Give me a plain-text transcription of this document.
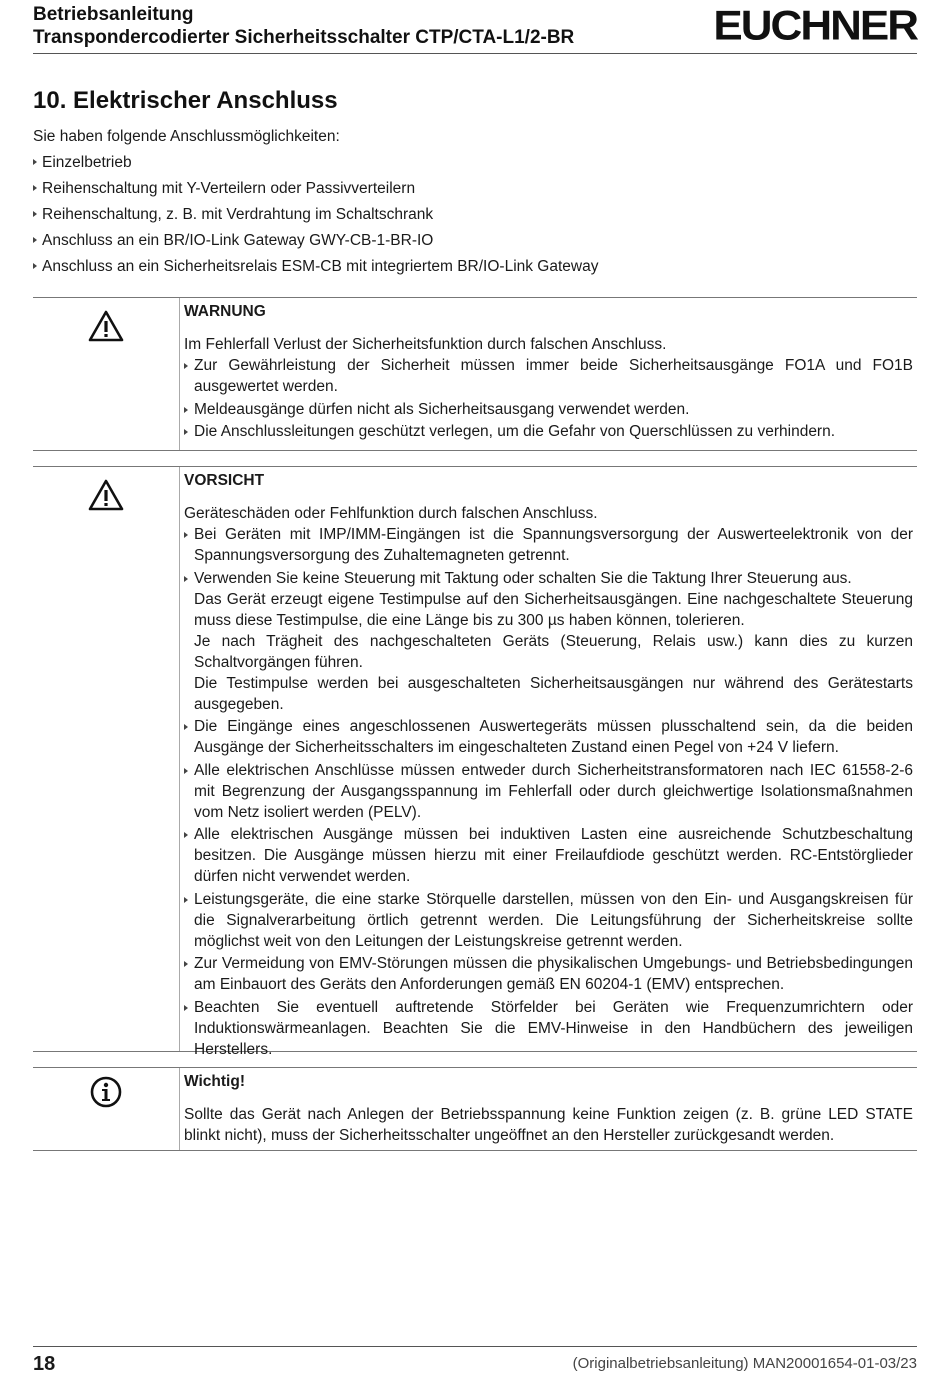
Betriebsanleitung
Transpondercodierter Sicherheitsschalter CTP/CTA-L1/2-BR	EUCHNER
10. Elektrischer Anschluss
Sie haben folgende Anschlussmöglichkeiten:
Einzelbetrieb
Reihenschaltung mit Y-Verteilern oder Passivverteilern
Reihenschaltung, z. B. mit Verdrahtung im Schaltschrank
Anschluss an ein BR/IO-Link Gateway GWY-CB-1-BR-IO
Anschluss an ein Sicherheitsrelais ESM-CB mit integriertem BR/IO-Link Gateway
WARNUNG

Im Fehlerfall Verlust der Sicherheitsfunktion durch falschen Anschluss.

Zur Gewährleistung der Sicherheit müssen immer beide Sicherheitsausgänge FO1A und FO1B ausgewertet werden.
Meldeausgänge dürfen nicht als Sicherheitsausgang verwendet werden.
Die Anschlussleitungen geschützt verlegen, um die Gefahr von Querschlüssen zu verhindern.
VORSICHT

Geräteschäden oder Fehlfunktion durch falschen Anschluss.

Bei Geräten mit IMP/IMM-Eingängen ist die Spannungsversorgung der Auswerteelektronik von der Spannungsversorgung des Zuhaltemagneten getrennt.
Verwenden Sie keine Steuerung mit Taktung oder schalten Sie die Taktung Ihrer Steuerung aus.
Das Gerät erzeugt eigene Testimpulse auf den Sicherheitsausgängen. Eine nachgeschaltete Steuerung muss diese Testimpulse, die eine Länge bis zu 300 µs haben können, tolerieren.
Je nach Trägheit des nachgeschalteten Geräts (Steuerung, Relais usw.) kann dies zu kurzen Schaltvorgängen führen.
Die Testimpulse werden bei ausgeschalteten Sicherheitsausgängen nur während des Gerätestarts ausgegeben.
Die Eingänge eines angeschlossenen Auswertegeräts müssen plusschaltend sein, da die beiden Ausgänge der Sicherheitsschalters im eingeschalteten Zustand einen Pegel von +24 V liefern.
Alle elektrischen Anschlüsse müssen entweder durch Sicherheitstransformatoren nach IEC 61558-2-6 mit Begrenzung der Ausgangsspannung im Fehlerfall oder durch gleichwertige Isolationsmaßnahmen vom Netz isoliert werden (PELV).
Alle elektrischen Ausgänge müssen bei induktiven Lasten eine ausreichende Schutzbeschaltung besitzen. Die Ausgänge müssen hierzu mit einer Freilaufdiode geschützt werden. RC-Entstörglieder dürfen nicht verwendet werden.
Leistungsgeräte, die eine starke Störquelle darstellen, müssen von den Ein- und Ausgangskreisen für die Signalverarbeitung örtlich getrennt werden. Die Leitungsführung der Sicherheitskreise sollte möglichst weit von den Leitungen der Leistungskreise getrennt werden.
Zur Vermeidung von EMV-Störungen müssen die physikalischen Umgebungs- und Betriebsbedingungen am Einbauort des Geräts den Anforderungen gemäß EN 60204-1 (EMV) entsprechen.
Beachten Sie eventuell auftretende Störfelder bei Geräten wie Frequenzumrichtern oder Induktionswärmeanlagen. Beachten Sie die EMV-Hinweise in den Handbüchern des jeweiligen Herstellers.
Wichtig!

Sollte das Gerät nach Anlegen der Betriebsspannung keine Funktion zeigen (z. B. grüne LED STATE blinkt nicht), muss der Sicherheitsschalter ungeöffnet an den Hersteller zurückgesandt werden.

18	(Originalbetriebsanleitung) MAN20001654-01-03/23
